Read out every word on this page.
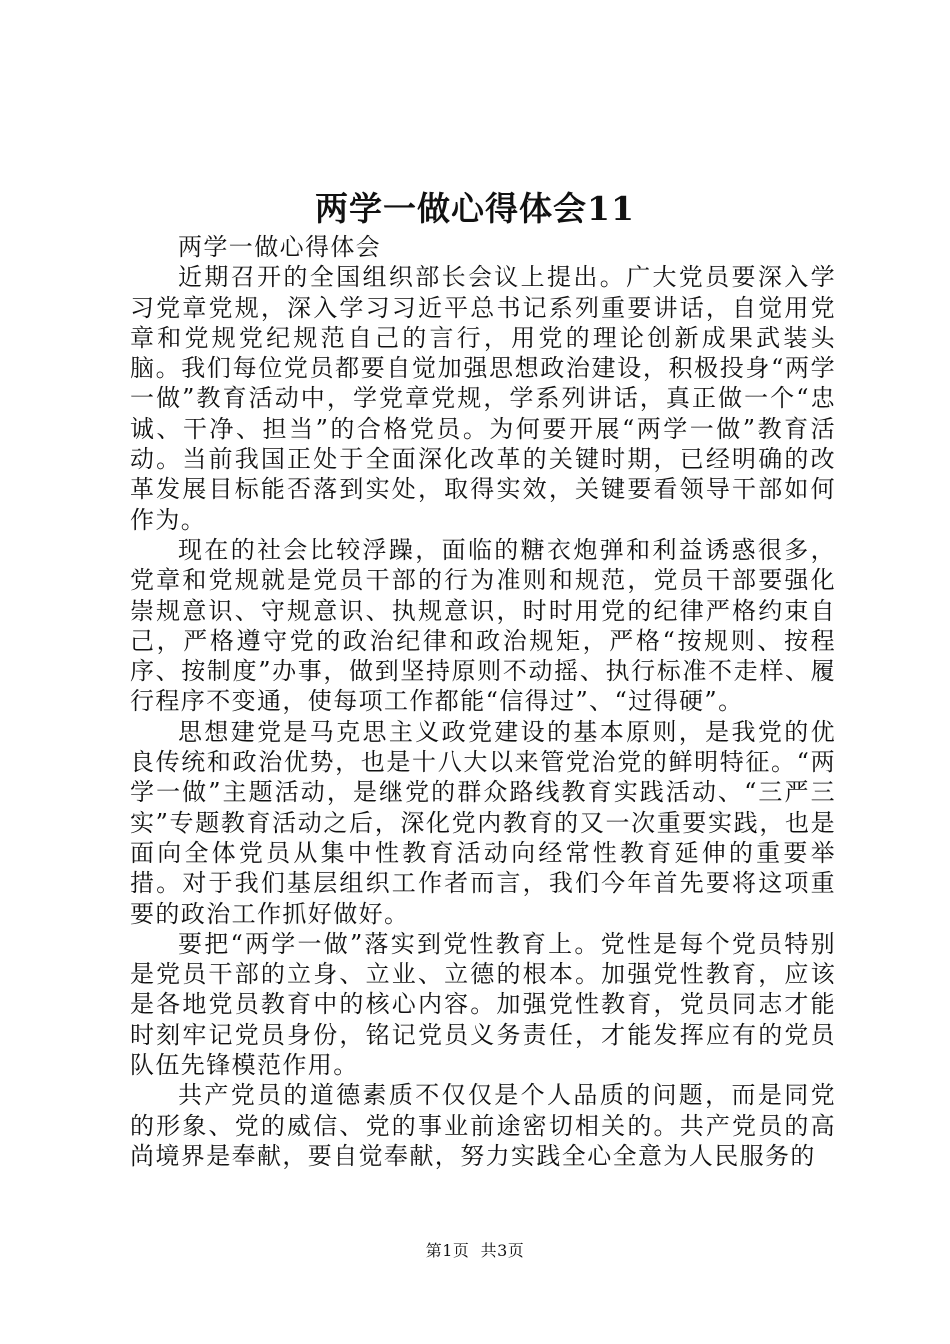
两学一做心得体会11

两学一做心得体会

近期召开的全国组织部长会议上提出。广大党员要深入学习党章党规，深入学习习近平总书记系列重要讲话，自觉用党章和党规党纪规范自己的言行，用党的理论创新成果武装头脑。我们每位党员都要自觉加强思想政治建设，积极投身“两学一做”教育活动中，学党章党规，学系列讲话，真正做一个“忠诚、干净、担当”的合格党员。为何要开展“两学一做”教育活动。当前我国正处于全面深化改革的关键时期，已经明确的改革发展目标能否落到实处，取得实效，关键要看领导干部如何作为。

现在的社会比较浮躁，面临的糖衣炮弹和利益诱惑很多，党章和党规就是党员干部的行为准则和规范，党员干部要强化崇规意识、守规意识、执规意识，时时用党的纪律严格约束自己，严格遵守党的政治纪律和政治规矩，严格“按规则、按程序、按制度”办事，做到坚持原则不动摇、执行标准不走样、履行程序不变通，使每项工作都能“信得过”、“过得硬”。

思想建党是马克思主义政党建设的基本原则，是我党的优良传统和政治优势，也是十八大以来管党治党的鲜明特征。“两学一做”主题活动，是继党的群众路线教育实践活动、“三严三实”专题教育活动之后，深化党内教育的又一次重要实践，也是面向全体党员从集中性教育活动向经常性教育延伸的重要举措。对于我们基层组织工作者而言，我们今年首先要将这项重要的政治工作抓好做好。

要把“两学一做”落实到党性教育上。党性是每个党员特别是党员干部的立身、立业、立德的根本。加强党性教育，应该是各地党员教育中的核心内容。加强党性教育，党员同志才能时刻牢记党员身份，铭记党员义务责任，才能发挥应有的党员队伍先锋模范作用。

共产党员的道德素质不仅仅是个人品质的问题，而是同党的形象、党的威信、党的事业前途密切相关的。共产党员的高尚境界是奉献，要自觉奉献，努力实践全心全意为人民服务的

第1页  共3页
